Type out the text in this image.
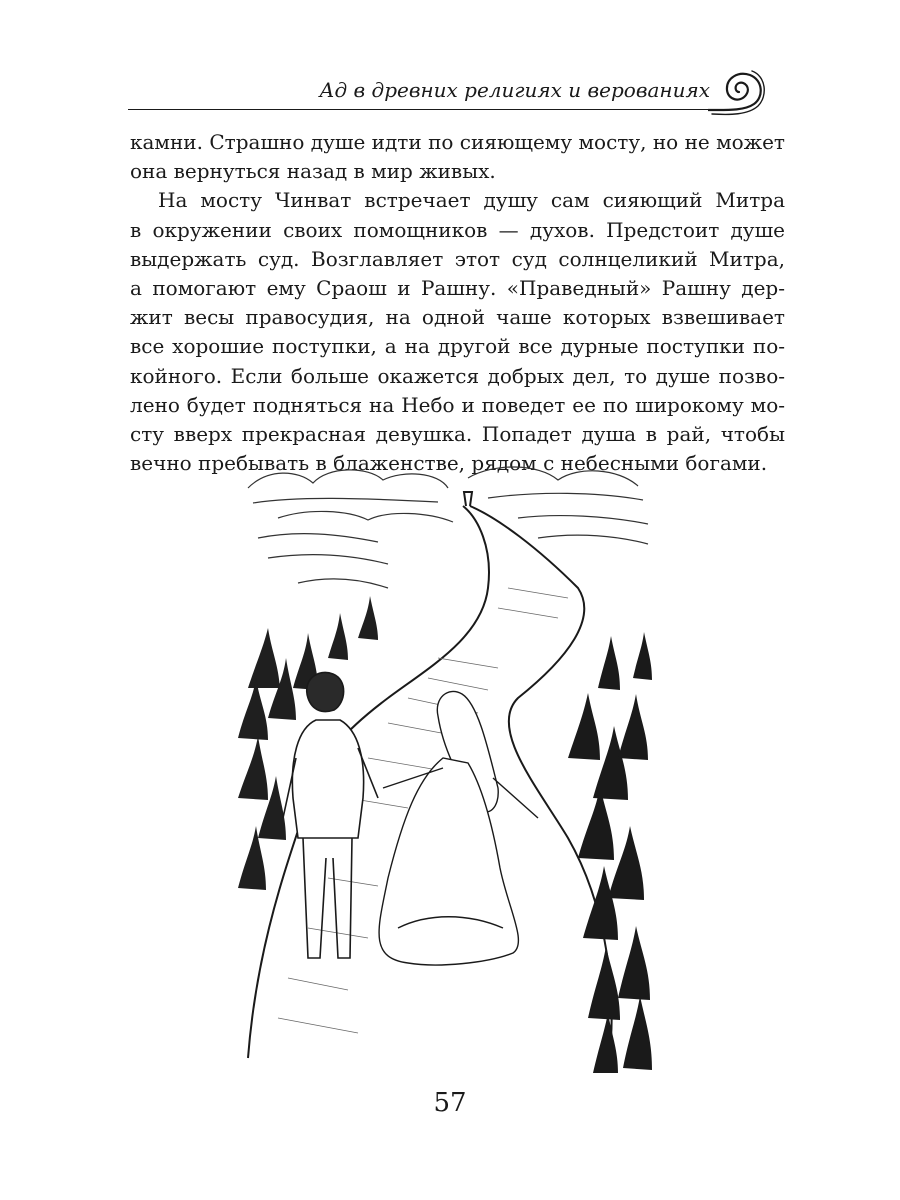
Ад в древних религиях и верованиях

камни. Страшно душе идти по сияющему мосту, но не может
она вернуться назад в мир живых.

На мосту Чинват встречает душу сам сияющий Митра
в окружении своих помощников — духов. Предстоит душе
выдержать суд. Возглавляет этот суд солнцеликий Митра,
а помогают ему Сраош и Рашну. «Праведный» Рашну дер-
жит весы правосудия, на одной чаше которых взвешивает
все хорошие поступки, а на другой все дурные поступки по-
койного. Если больше окажется добрых дел, то душе позво-
лено будет подняться на Небо и поведет ее по широкому мо-
сту вверх прекрасная девушка. Попадет душа в рай, чтобы
вечно пребывать в блаженстве, рядом с небесными богами.

57
